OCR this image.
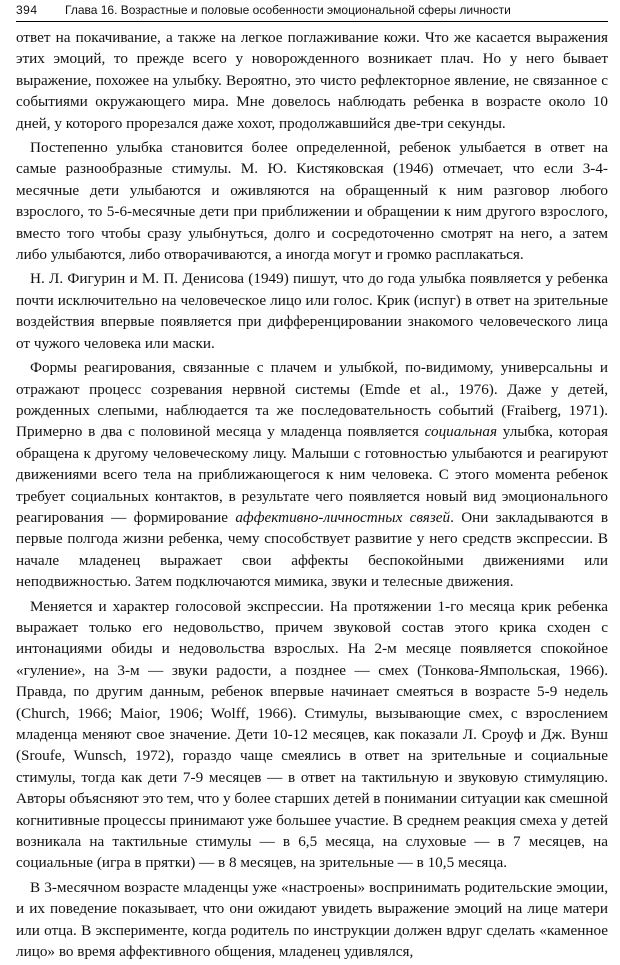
394 Глава 16. Возрастные и половые особенности эмоциональной сферы личности

ответ на покачивание, а также на легкое поглаживание кожи. Что же касается выражения этих эмоций, то прежде всего у новорожденного возникает плач. Но у него бывает выражение, похожее на улыбку. Вероятно, это чисто рефлекторное явление, не связанное с событиями окружающего мира. Мне довелось наблюдать ребенка в возрасте около 10 дней, у которого прорезался даже хохот, продолжавшийся две-три секунды.

Постепенно улыбка становится более определенной, ребенок улыбается в ответ на самые разнообразные стимулы. М. Ю. Кистяковская (1946) отмечает, что если 3-4-месячные дети улыбаются и оживляются на обращенный к ним разговор любого взрослого, то 5-6-месячные дети при приближении и обращении к ним другого взрослого, вместо того чтобы сразу улыбнуться, долго и сосредоточенно смотрят на него, а затем либо улыбаются, либо отворачиваются, а иногда могут и громко расплакаться.

Н. Л. Фигурин и М. П. Денисова (1949) пишут, что до года улыбка появляется у ребенка почти исключительно на человеческое лицо или голос. Крик (испуг) в ответ на зрительные воздействия впервые появляется при дифференцировании знакомого человеческого лица от чужого человека или маски.

Формы реагирования, связанные с плачем и улыбкой, по-видимому, универсальны и отражают процесс созревания нервной системы (Emde et al., 1976). Даже у детей, рожденных слепыми, наблюдается та же последовательность событий (Fraiberg, 1971). Примерно в два с половиной месяца у младенца появляется социальная улыбка, которая обращена к другому человеческому лицу. Малыши с готовностью улыбаются и реагируют движениями всего тела на приближающегося к ним человека. С этого момента ребенок требует социальных контактов, в результате чего появляется новый вид эмоционального реагирования — формирование аффективно-личностных связей. Они закладываются в первые полгода жизни ребенка, чему способствует развитие у него средств экспрессии. В начале младенец выражает свои аффекты беспокойными движениями или неподвижностью. Затем подключаются мимика, звуки и телесные движения.

Меняется и характер голосовой экспрессии. На протяжении 1-го месяца крик ребенка выражает только его недовольство, причем звуковой состав этого крика сходен с интонациями обиды и недовольства взрослых. На 2-м месяце появляется спокойное «гуление», на 3-м — звуки радости, а позднее — смех (Тонкова-Ямпольская, 1966). Правда, по другим данным, ребенок впервые начинает смеяться в возрасте 5-9 недель (Church, 1966; Maior, 1906; Wolff, 1966). Стимулы, вызывающие смех, с взрослением младенца меняют свое значение. Дети 10-12 месяцев, как показали Л. Сроуф и Дж. Вунш (Sroufe, Wunsch, 1972), гораздо чаще смеялись в ответ на зрительные и социальные стимулы, тогда как дети 7-9 месяцев — в ответ на тактильную и звуковую стимуляцию. Авторы объясняют это тем, что у более старших детей в понимании ситуации как смешной когнитивные процессы принимают уже большее участие. В среднем реакция смеха у детей возникала на тактильные стимулы — в 6,5 месяца, на слуховые — в 7 месяцев, на социальные (игра в прятки) — в 8 месяцев, на зрительные — в 10,5 месяца.

В 3-месячном возрасте младенцы уже «настроены» воспринимать родительские эмоции, и их поведение показывает, что они ожидают увидеть выражение эмоций на лице матери или отца. В эксперименте, когда родитель по инструкции должен вдруг сделать «каменное лицо» во время аффективного общения, младенец удивлялся,
